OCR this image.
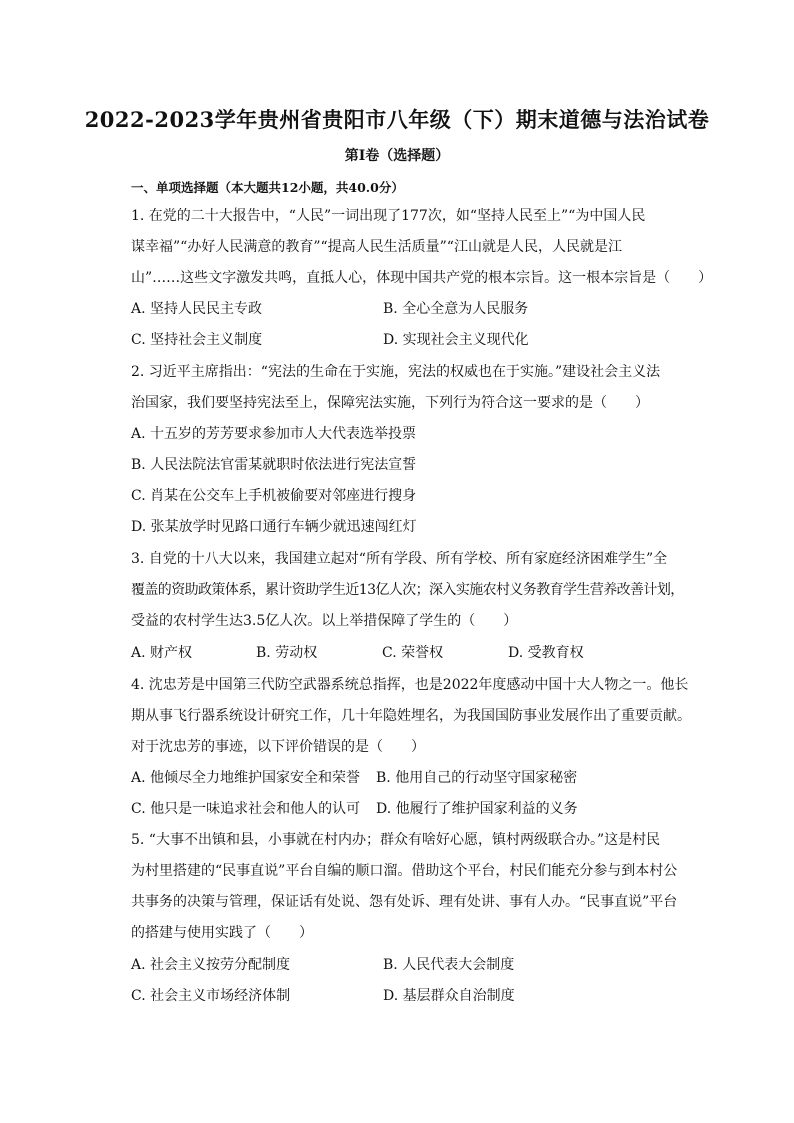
2022-2023学年贵州省贵阳市八年级（下）期末道德与法治试卷
第Ⅰ卷（选择题）
一、单项选择题（本大题共12小题，共40.0分）
1. 在党的二十大报告中，“人民”一词出现了177次，如“坚持人民至上”“为中国人民
谋幸福”“办好人民满意的教育”“提高人民生活质量”“江山就是人民，人民就是江
山”……这些文字激发共鸣，直抵人心，体现中国共产党的根本宗旨。这一根本宗旨是（　　）
A. 坚持人民民主专政	B. 全心全意为人民服务
C. 坚持社会主义制度	D. 实现社会主义现代化
2. 习近平主席指出：“宪法的生命在于实施，宪法的权威也在于实施。”建设社会主义法
治国家，我们要坚持宪法至上，保障宪法实施，下列行为符合这一要求的是（　　）
A. 十五岁的芳芳要求参加市人大代表选举投票
B. 人民法院法官雷某就职时依法进行宪法宣誓
C. 肖某在公交车上手机被偷要对邻座进行搜身
D. 张某放学时见路口通行车辆少就迅速闯红灯
3. 自党的十八大以来，我国建立起对“所有学段、所有学校、所有家庭经济困难学生”全
覆盖的资助政策体系，累计资助学生近13亿人次；深入实施农村义务教育学生营养改善计划，
受益的农村学生达3.5亿人次。以上举措保障了学生的（　　）
A. 财产权	B. 劳动权	C. 荣誉权	D. 受教育权
4. 沈忠芳是中国第三代防空武器系统总指挥，也是2022年度感动中国十大人物之一。他长
期从事飞行器系统设计研究工作，几十年隐姓埋名，为我国国防事业发展作出了重要贡献。
对于沈忠芳的事迹，以下评价错误的是（　　）
A. 他倾尽全力地维护国家安全和荣誉 B. 他用自己的行动坚守国家秘密
C. 他只是一味追求社会和他人的认可 D. 他履行了维护国家利益的义务
5. “大事不出镇和县，小事就在村内办；群众有啥好心愿，镇村两级联合办。”这是村民
为村里搭建的“民事直说”平台自编的顺口溜。借助这个平台，村民们能充分参与到本村公
共事务的决策与管理，保证话有处说、怨有处诉、理有处讲、事有人办。“民事直说”平台
的搭建与使用实践了（　　）
A. 社会主义按劳分配制度	B. 人民代表大会制度
C. 社会主义市场经济体制	D. 基层群众自治制度
